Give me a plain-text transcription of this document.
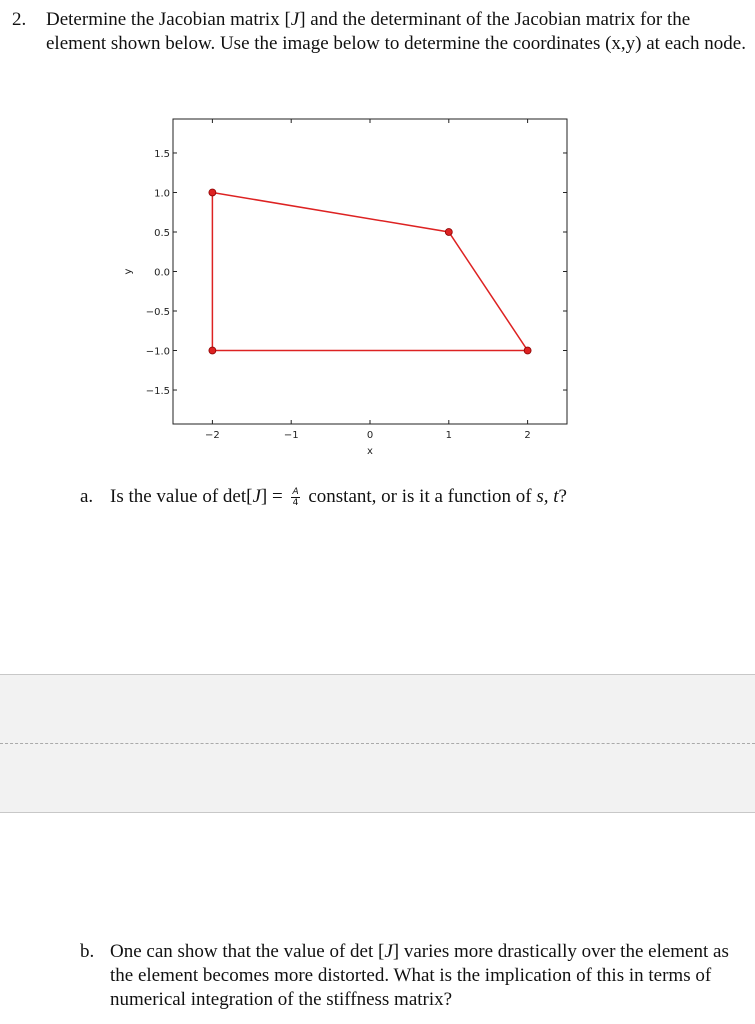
2. Determine the Jacobian matrix [J] and the determinant of the Jacobian matrix for the element shown below. Use the image below to determine the coordinates (x,y) at each node.
−2	−1	0	1	2
1.5
1.0
0.5
0.0
−0.5
−1.0
−1.5
x
y
a. Is the value of $\det[J] = \frac{A}{4}$ constant, or is it a function of s, t?
b. One can show that the value of det [J] varies more drastically over the element as the element becomes more distorted. What is the implication of this in terms of numerical integration of the stiffness matrix?
